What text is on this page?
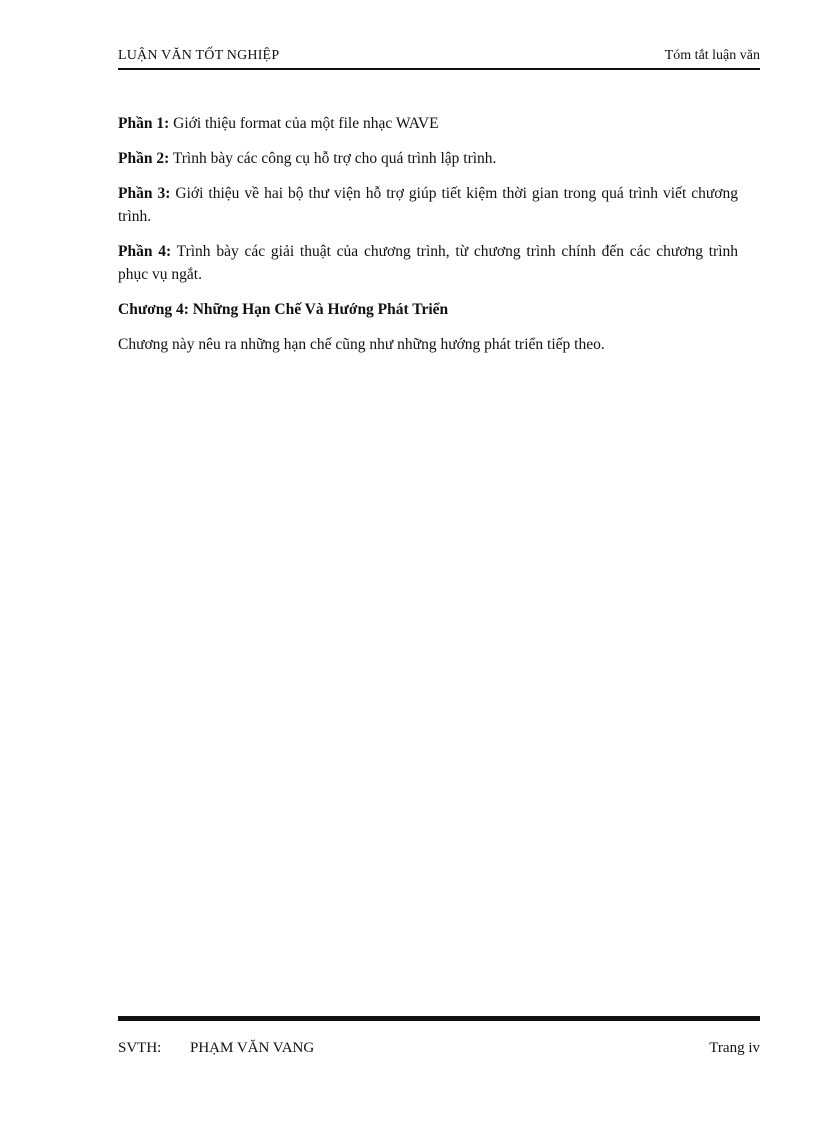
LUẬN VĂN TỐT NGHIỆP	Tóm tắt luận văn

Phần 1: Giới thiệu format của một file nhạc WAVE

Phần 2: Trình bày các công cụ hỗ trợ cho quá trình lập trình.

Phần 3: Giới thiệu về hai bộ thư viện hỗ trợ giúp tiết kiệm thời gian trong quá trình viết chương trình.

Phần 4: Trình bày các giải thuật của chương trình, từ chương trình chính đến các chương trình phục vụ ngắt.

Chương 4: Những Hạn Chế Và Hướng Phát Triển

Chương này nêu ra những hạn chế cũng như những hướng phát triển tiếp theo.

SVTH: PHẠM VĂN VANG	Trang iv
